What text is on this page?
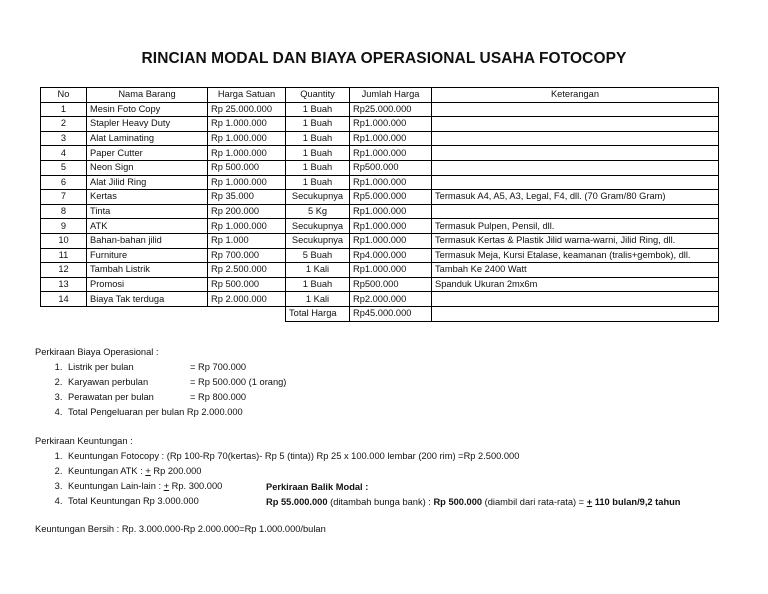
RINCIAN MODAL DAN BIAYA OPERASIONAL USAHA FOTOCOPY
No	Nama Barang	Harga Satuan	Quantity	Jumlah Harga	Keterangan
1	Mesin Foto Copy	Rp 25.000.000	1 Buah	Rp25.000.000	
2	Stapler Heavy Duty	Rp 1.000.000	1 Buah	Rp1.000.000	
3	Alat Laminating	Rp 1.000.000	1 Buah	Rp1.000.000	
4	Paper Cutter	Rp 1.000.000	1 Buah	Rp1.000.000	
5	Neon Sign	Rp 500.000	1 Buah	Rp500.000	
6	Alat Jilid Ring	Rp 1.000.000	1 Buah	Rp1.000.000	
7	Kertas	Rp 35.000	Secukupnya	Rp5.000.000	Termasuk A4, A5, A3, Legal, F4, dll. (70 Gram/80 Gram)
8	Tinta	Rp 200.000	5 Kg	Rp1.000.000	
9	ATK	Rp 1.000.000	Secukupnya	Rp1.000.000	Termasuk Pulpen, Pensil, dll.
10	Bahan-bahan jilid	Rp 1.000	Secukupnya	Rp1.000.000	Termasuk Kertas & Plastik Jilid warna-warni, Jilid Ring, dll.
11	Furniture	Rp 700.000	5 Buah	Rp4.000.000	Termasuk Meja, Kursi Etalase, keamanan (tralis+gembok), dll.
12	Tambah Listrik	Rp 2.500.000	1 Kali	Rp1.000.000	Tambah Ke 2400 Watt
13	Promosi	Rp 500.000	1 Buah	Rp500.000	Spanduk Ukuran 2mx6m
14	Biaya Tak terduga	Rp 2.000.000	1 Kali	Rp2.000.000	
			Total Harga	Rp45.000.000	
Perkiraan Biaya Operasional :
1. Listrik per bulan	= Rp 700.000
2. Karyawan perbulan	= Rp 500.000 (1 orang)
3. Perawatan per bulan	= Rp 800.000
4. Total Pengeluaran per bulan Rp 2.000.000
Perkiraan Keuntungan :
1. Keuntungan Fotocopy : (Rp 100-Rp 70(kertas)- Rp 5 (tinta)) Rp 25 x 100.000 lembar (200 rim) =Rp 2.500.000
2. Keuntungan ATK : + Rp 200.000
3. Keuntungan Lain-lain : + Rp. 300.000
4. Total Keuntungan Rp 3.000.000
Perkiraan Balik Modal :
Rp 55.000.000 (ditambah bunga bank) : Rp 500.000 (diambil dari rata-rata) = + 110 bulan/9,2 tahun
Keuntungan Bersih : Rp. 3.000.000-Rp 2.000.000=Rp 1.000.000/bulan
